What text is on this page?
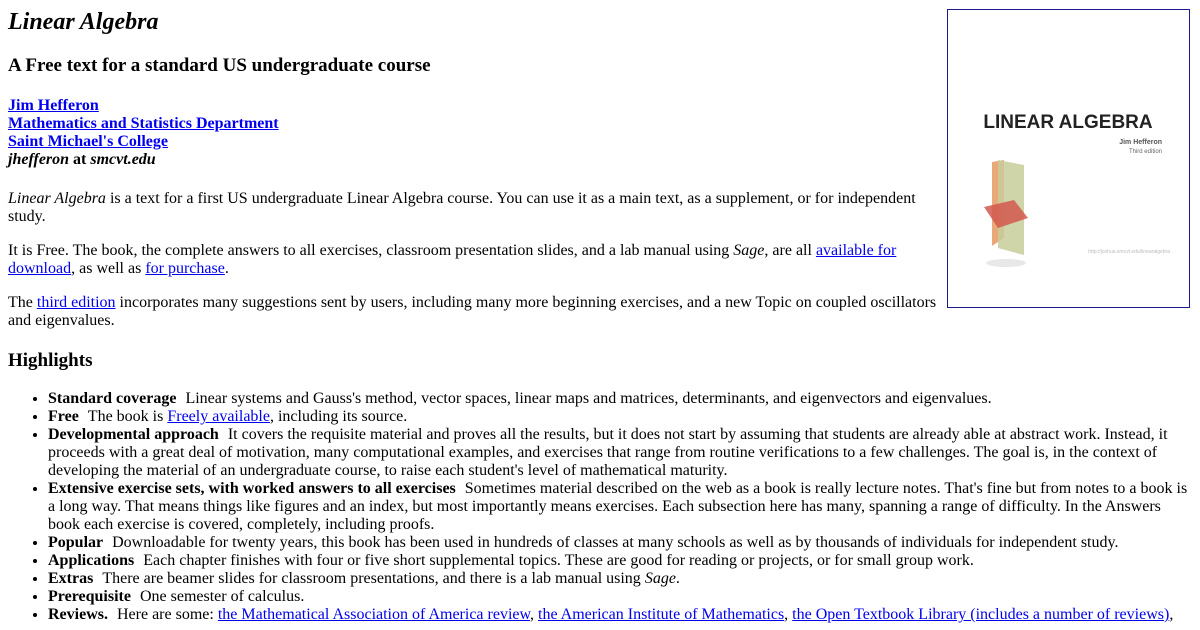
Linear Algebra
A Free text for a standard US undergraduate course
Jim Hefferon
Mathematics and Statistics Department
Saint Michael's College
jhefferon at smcvt.edu

Linear Algebra is a text for a first US undergraduate Linear Algebra course. You can use it as a main text, as a supplement, or for independent study.

It is Free. The book, the complete answers to all exercises, classroom presentation slides, and a lab manual using Sage, are all available for download, as well as for purchase.

The third edition incorporates many suggestions sent by users, including many more beginning exercises, and a new Topic on coupled oscillators and eigenvalues.

Highlights
• Standard coverage Linear systems and Gauss's method, vector spaces, linear maps and matrices, determinants, and eigenvectors and eigenvalues.
• Free The book is Freely available, including its source.
• Developmental approach It covers the requisite material and proves all the results, but it does not start by assuming that students are already able at abstract work. Instead, it proceeds with a great deal of motivation, many computational examples, and exercises that range from routine verifications to a few challenges. The goal is, in the context of developing the material of an undergraduate course, to raise each student's level of mathematical maturity.
• Extensive exercise sets, with worked answers to all exercises Sometimes material described on the web as a book is really lecture notes. That's fine but from notes to a book is a long way. That means things like figures and an index, but most importantly means exercises. Each subsection here has many, spanning a range of difficulty. In the Answers book each exercise is covered, completely, including proofs.
• Popular Downloadable for twenty years, this book has been used in hundreds of classes at many schools as well as by thousands of individuals for independent study.
• Applications Each chapter finishes with four or five short supplemental topics. These are good for reading or projects, or for small group work.
• Extras There are beamer slides for classroom presentations, and there is a lab manual using Sage.
• Prerequisite One semester of calculus.
• Reviews. Here are some: the Mathematical Association of America review, the American Institute of Mathematics, the Open Textbook Library (includes a number of reviews),
LINEAR ALGEBRA
Jim Hefferon
Third edition
http://joshua.smcvt.edu/linearalgebra
